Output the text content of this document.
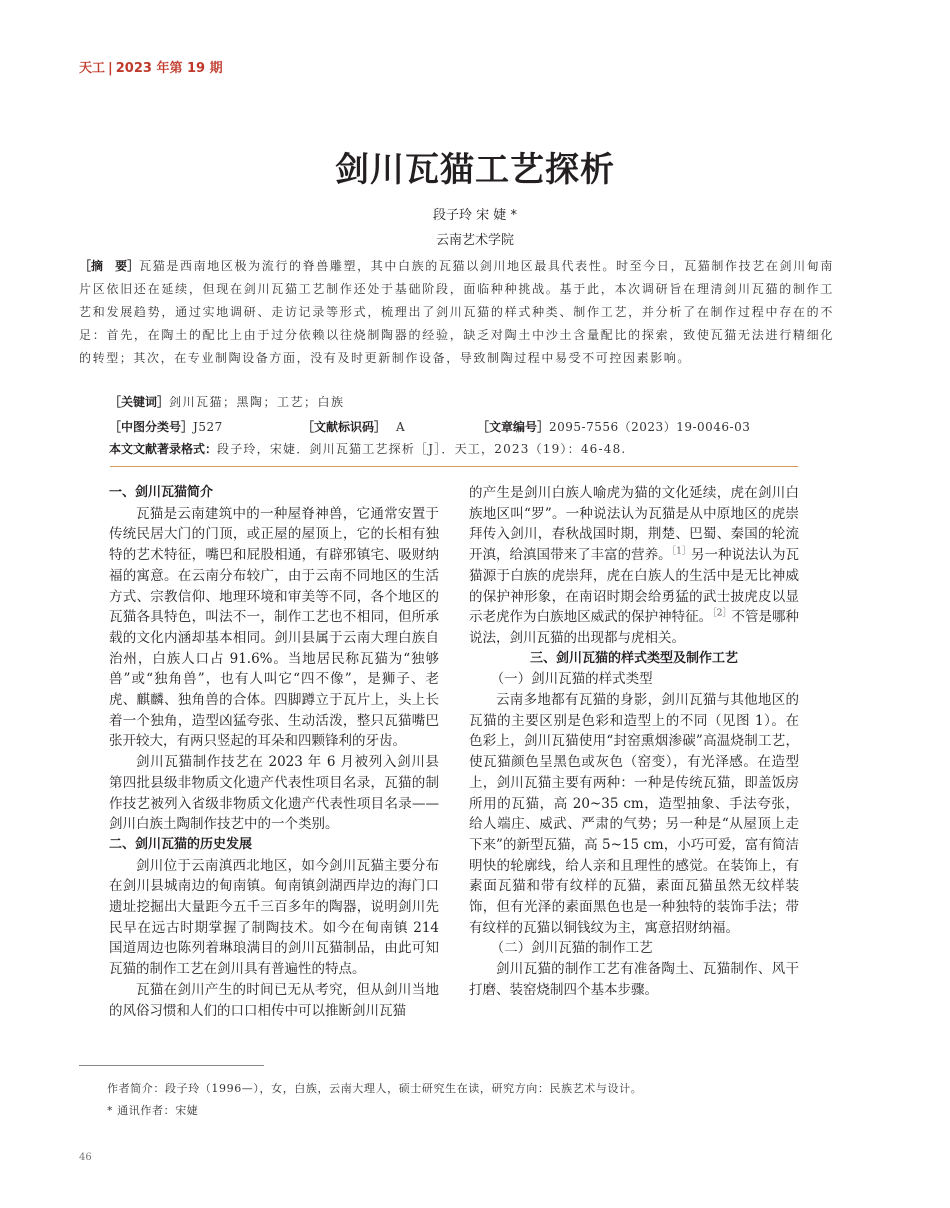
天工 | 2023 年第 19 期
剑川瓦猫工艺探析
段子玲 宋 婕 *
云南艺术学院
［摘　要］瓦猫是西南地区极为流行的脊兽雕塑，其中白族的瓦猫以剑川地区最具代表性。时至今日，瓦猫制作技艺在剑川甸南片区依旧还在延续，但现在剑川瓦猫工艺制作还处于基础阶段，面临种种挑战。基于此，本次调研旨在理清剑川瓦猫的制作工艺和发展趋势，通过实地调研、走访记录等形式，梳理出了剑川瓦猫的样式种类、制作工艺，并分析了在制作过程中存在的不足：首先，在陶土的配比上由于过分依赖以往烧制陶器的经验，缺乏对陶土中沙土含量配比的探索，致使瓦猫无法进行精细化的转型；其次，在专业制陶设备方面，没有及时更新制作设备，导致制陶过程中易受不可控因素影响。
［关键词］剑川瓦猫；黑陶；工艺；白族
［中图分类号］J527	［文献标识码］ A	［文章编号］2095-7556（2023）19-0046-03
本文文献著录格式：段子玲，宋婕．剑川瓦猫工艺探析［J］．天工，2023（19）：46-48.
一、剑川瓦猫简介

瓦猫是云南建筑中的一种屋脊神兽，它通常安置于传统民居大门的门顶，或正屋的屋顶上，它的长相有独特的艺术特征，嘴巴和屁股相通，有辟邪镇宅、吸财纳福的寓意。在云南分布较广，由于云南不同地区的生活方式、宗教信仰、地理环境和审美等不同，各个地区的瓦猫各具特色，叫法不一，制作工艺也不相同，但所承载的文化内涵却基本相同。剑川县属于云南大理白族自治州，白族人口占 91.6%。当地居民称瓦猫为“独够兽”或“独角兽”，也有人叫它“四不像”，是狮子、老虎、麒麟、独角兽的合体。四脚蹲立于瓦片上，头上长着一个独角，造型凶猛夸张、生动活泼，整只瓦猫嘴巴张开较大，有两只竖起的耳朵和四颗锋利的牙齿。

剑川瓦猫制作技艺在 2023 年 6 月被列入剑川县第四批县级非物质文化遗产代表性项目名录，瓦猫的制作技艺被列入省级非物质文化遗产代表性项目名录——剑川白族土陶制作技艺中的一个类别。

二、剑川瓦猫的历史发展

剑川位于云南滇西北地区，如今剑川瓦猫主要分布在剑川县城南边的甸南镇。甸南镇剑湖西岸边的海门口遗址挖掘出大量距今五千三百多年的陶器，说明剑川先民早在远古时期掌握了制陶技术。如今在甸南镇 214 国道周边也陈列着琳琅满目的剑川瓦猫制品，由此可知瓦猫的制作工艺在剑川具有普遍性的特点。

瓦猫在剑川产生的时间已无从考究，但从剑川当地的风俗习惯和人们的口口相传中可以推断剑川瓦猫

的产生是剑川白族人喻虎为猫的文化延续，虎在剑川白族地区叫“罗”。一种说法认为瓦猫是从中原地区的虎崇拜传入剑川，春秋战国时期，荆楚、巴蜀、秦国的轮流开滇，给滇国带来了丰富的营养。$^{[1]}$另一种说法认为瓦猫源于白族的虎崇拜，虎在白族人的生活中是无比神威的保护神形象，在南诏时期会给勇猛的武士披虎皮以显示老虎作为白族地区威武的保护神特征。$^{[2]}$不管是哪种说法，剑川瓦猫的出现都与虎相关。

三、剑川瓦猫的样式类型及制作工艺
（一）剑川瓦猫的样式类型

云南多地都有瓦猫的身影，剑川瓦猫与其他地区的瓦猫的主要区别是色彩和造型上的不同（见图 1）。在色彩上，剑川瓦猫使用“封窑熏烟渗碳”高温烧制工艺，使瓦猫颜色呈黑色或灰色（窑变），有光泽感。在造型上，剑川瓦猫主要有两种：一种是传统瓦猫，即盖饭房所用的瓦猫，高 20~35 cm，造型抽象、手法夸张，给人端庄、威武、严肃的气势；另一种是“从屋顶上走下来”的新型瓦猫，高 5~15 cm，小巧可爱，富有简洁明快的轮廓线，给人亲和且理性的感觉。在装饰上，有素面瓦猫和带有纹样的瓦猫，素面瓦猫虽然无纹样装饰，但有光泽的素面黑色也是一种独特的装饰手法；带有纹样的瓦猫以铜钱纹为主，寓意招财纳福。

（二）剑川瓦猫的制作工艺

剑川瓦猫的制作工艺有准备陶土、瓦猫制作、风干打磨、装窑烧制四个基本步骤。

作者简介：段子玲（1996—），女，白族，云南大理人，硕士研究生在读，研究方向：民族艺术与设计。
* 通讯作者：宋婕
46
